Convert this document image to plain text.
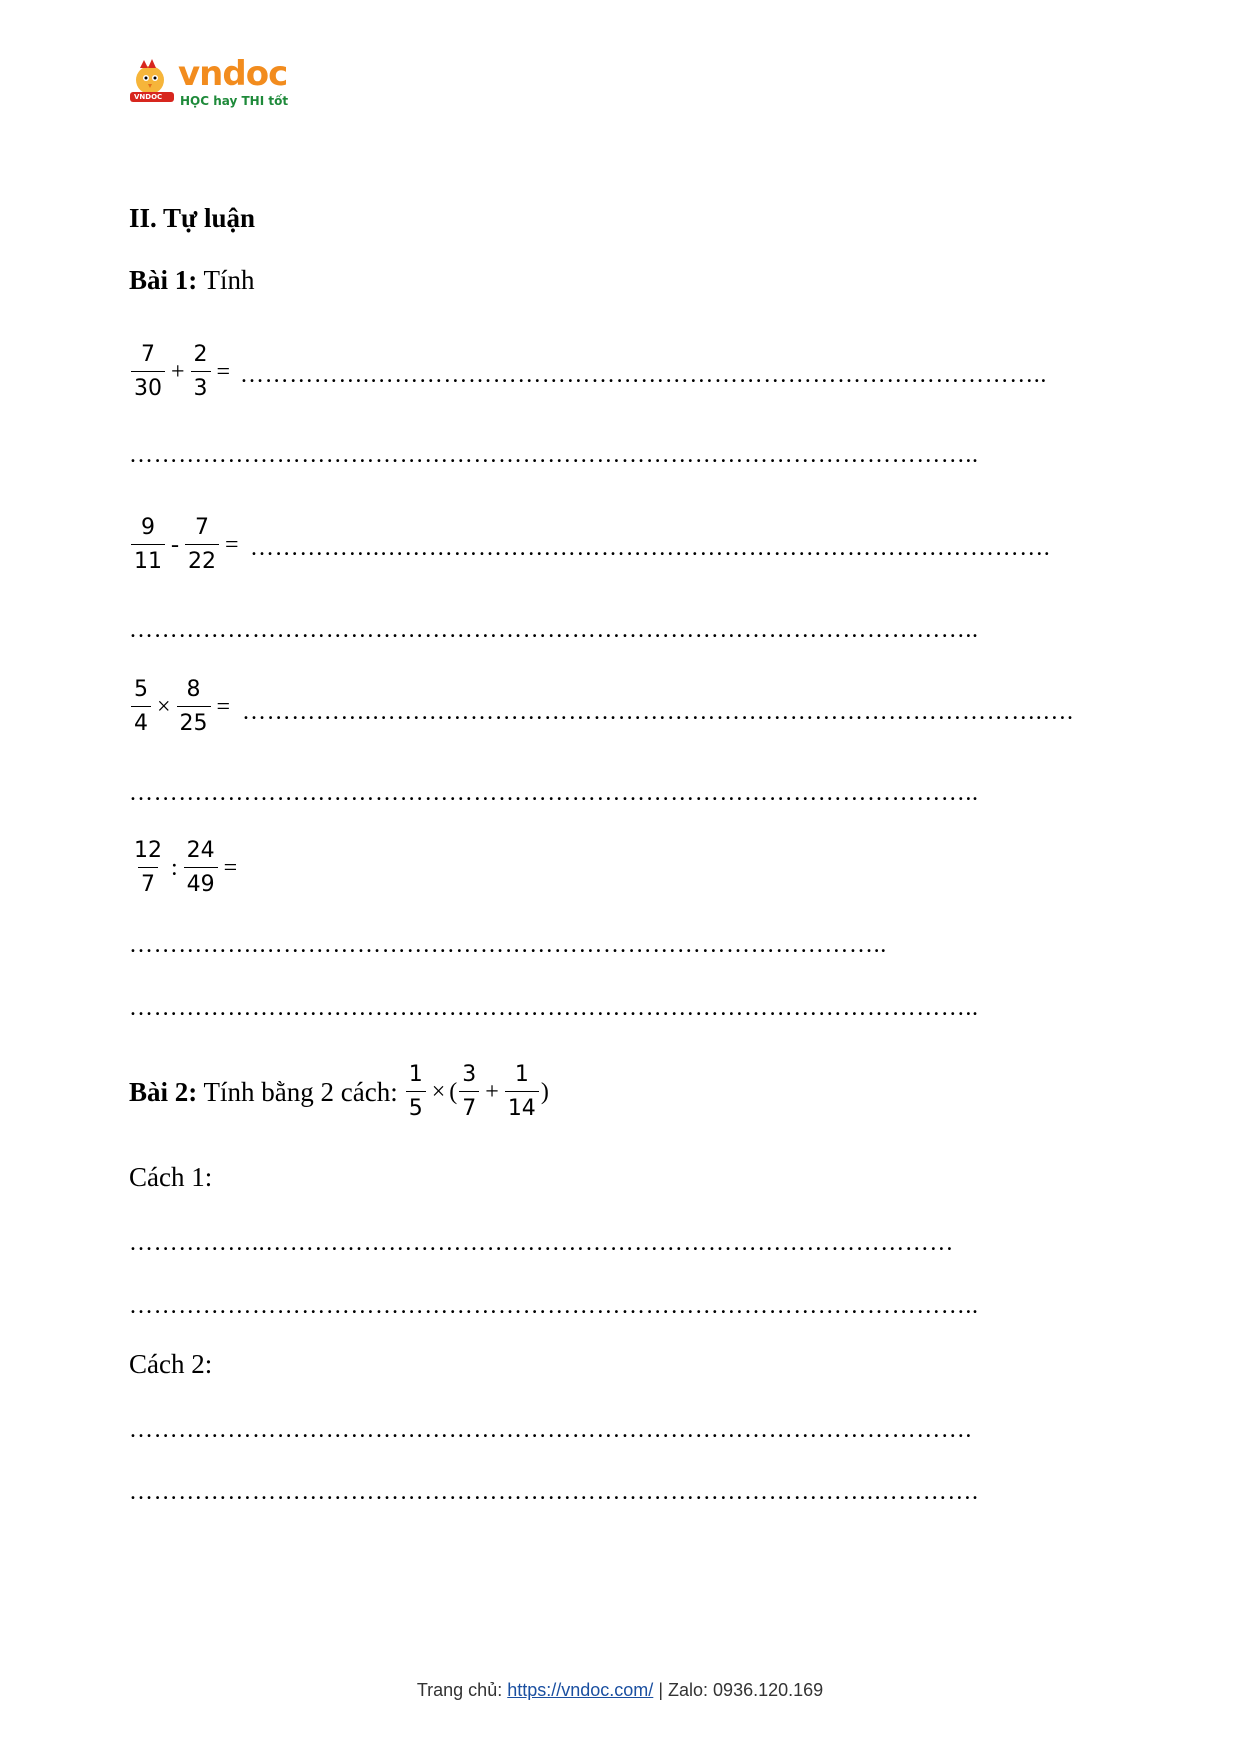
VNDOC
vndoc
HỌC hay THI tốt
II. Tự luận
Bài 1: Tính
$\frac{7}{30} + \frac{2}{3}$ = …………….………………………………………………………………………..
…………………………………………………………………………………………..
$\frac{9}{11} - \frac{7}{22}$ = …………….……………………………………………………………………….
…………………………………………………………………………………………..
$\frac{5}{4} \times \frac{8}{25}$ = …………….……………………………………………………………………….….
…………………………………………………………………………………………..
$\frac{12}{7}$ : $\frac{24}{49}$ =
…………….…………………………………………………………………..
…………………………………………………………………………………………..
Bài 2: Tính bằng 2 cách: $\frac{1}{5}$ × ( $\frac{3}{7} + \frac{1}{14}$ )
Cách 1:
……………..…………………………………………………………………………
…………………………………………………………………………………………..
Cách 2:
………………………………………………………………………………………….
……………………………………………………………………………….………….
Trang chủ: https://vndoc.com/ | Zalo: 0936.120.169
